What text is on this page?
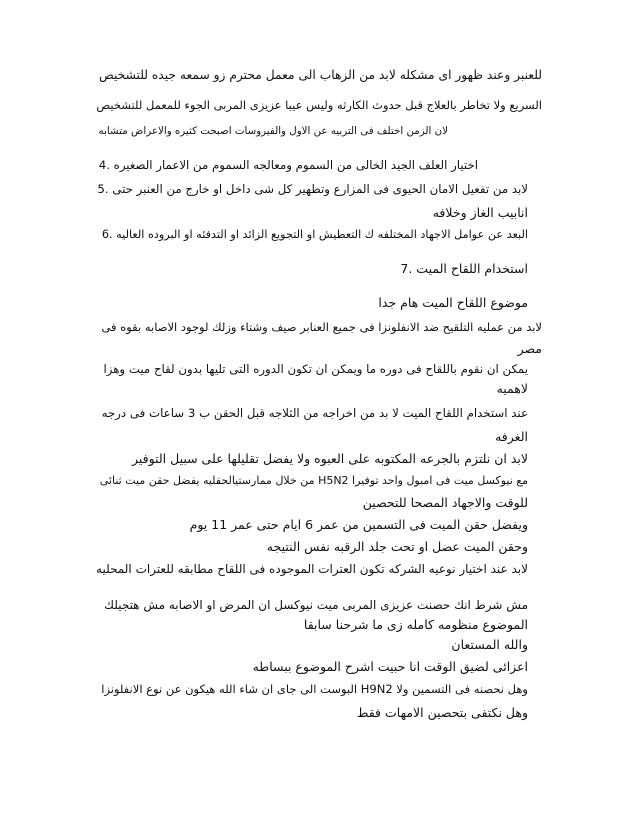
للعنبر وعند ظهور اى مشكله لابد من الزهاب الى معمل محترم زو سمعه جيده للتشخيص
السريع ولا تخاطر بالعلاج قبل حدوث الكارثه وليس عيبا عزيزى المربى الجوء للمعمل للتشخيص
لان الزمن اختلف فى التربيه عن الاول والفيروسات اصبحت كثيره والاعراض متشابه
اختيار العلف الجيد الخالى من السموم ومعالجه السموم من الاعمار الصغيره .4
لابد من تفعيل الامان الحيوى فى المزارع وتطهير كل شى داخل او خارج من العنبر حتى .5
انابيب الغاز وخلافه
البعد عن عوامل الاجهاد المختلفه ك التعطيش او التجويع الزائد او التدفئه او البروده العاليه .6
استخدام اللقاح الميت .7
موضوع اللقاح الميت هام جدا
لابد من عمليه التلقيح ضد الانفلونزا فى جميع العنابر صيف وشتاء وزلك لوجود الاصابه بقوه فى
مصر
يمكن ان نقوم باللقاح فى دوره ما ويمكن ان تكون الدوره التى تليها بدون لقاح ميت وهزا
لاهميه
عند استخدام اللقاح الميت لا بد من اخراجه من الثلاجه قبل الحقن ب 3 ساعات فى درجه
الغرفه
لابد ان نلتزم بالجرعه المكتوبه على العبوه ولا يفضل تقليلها على سبيل التوفير
مع نيوكسل ميت فى امبول واحد توفيرا H5N2 من خلال ممارستيالحقليه يفضل حقن ميت ثنائى
للوقت والاجهاد المصحا للتحصين
ويفضل حقن الميت فى التسمين من عمر 6 ايام حتى عمر 11 يوم
وحقن الميت عضل او تحت جلد الرقبه نفس النتيجه
لابد عند اختيار نوعيه الشركه تكون العترات الموجوده فى اللقاح مطابقه للعترات المحليه
مش شرط انك حصنت عزيزى المربى ميت نيوكسل ان المرض او الاصابه مش هتجيلك
الموضوع منظومه كامله زى ما شرحنا سابقا
والله المستعان
اعزائى لضيق الوقت انا حبيت اشرح الموضوع ببساطه
وهل نحصنه فى التسمين ولا H9N2 البوست الى جاى ان شاء الله هيكون عن نوع الانفلونزا
وهل نكتفى بتحصين الامهات فقط
